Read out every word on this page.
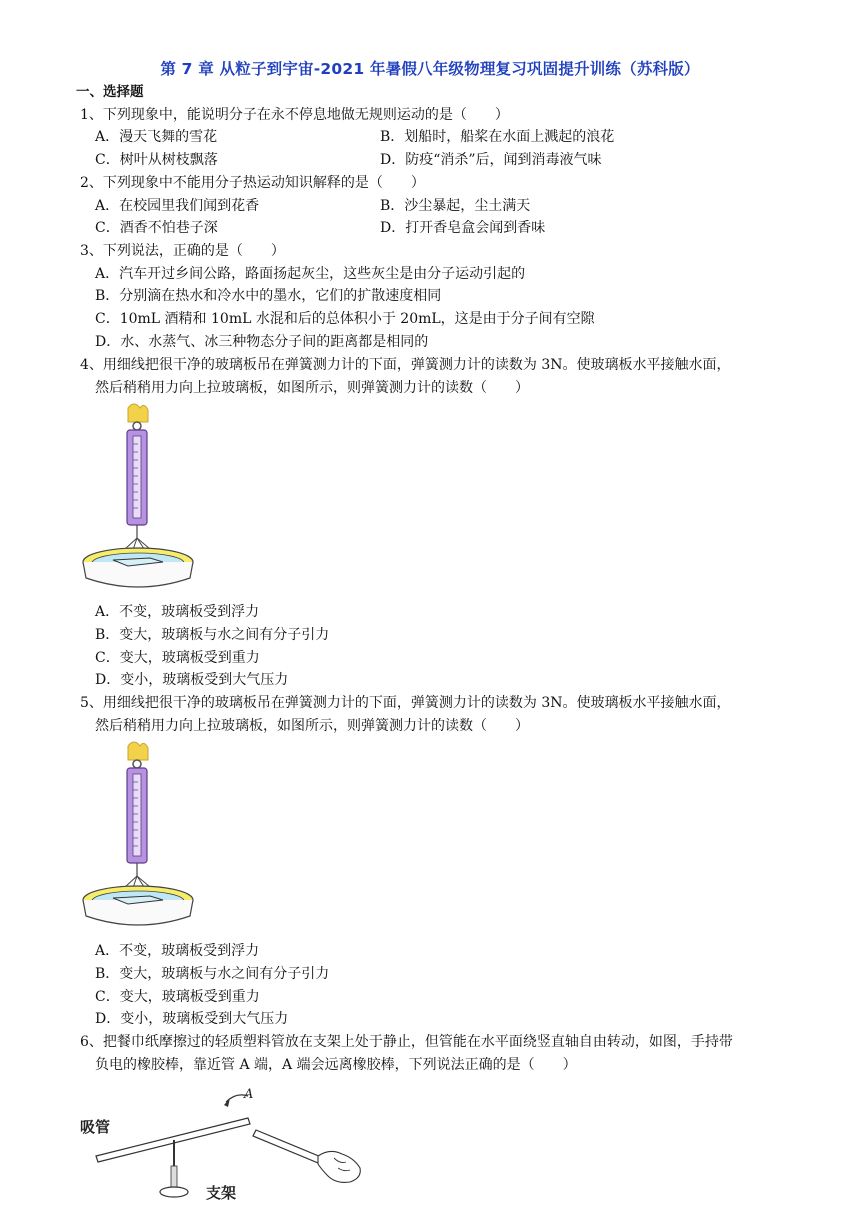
第 7 章 从粒子到宇宙-2021 年暑假八年级物理复习巩固提升训练（苏科版）
一、选择题
1、下列现象中，能说明分子在永不停息地做无规则运动的是（　　）
A．漫天飞舞的雪花	B．划船时，船桨在水面上溅起的浪花
C．树叶从树枝飘落	D．防疫“消杀”后，闻到消毒液气味
2、下列现象中不能用分子热运动知识解释的是（　　）
A．在校园里我们闻到花香	B．沙尘暴起，尘土满天
C．酒香不怕巷子深	D．打开香皂盒会闻到香味
3、下列说法，正确的是（　　）
A．汽车开过乡间公路，路面扬起灰尘，这些灰尘是由分子运动引起的
B．分别滴在热水和冷水中的墨水，它们的扩散速度相同
C．10mL 酒精和 10mL 水混和后的总体积小于 20mL，这是由于分子间有空隙
D．水、水蒸气、冰三种物态分子间的距离都是相同的
4、用细线把很干净的玻璃板吊在弹簧测力计的下面，弹簧测力计的读数为 3N。使玻璃板水平接触水面，
然后稍稍用力向上拉玻璃板，如图所示，则弹簧测力计的读数（　　）
A．不变，玻璃板受到浮力
B．变大，玻璃板与水之间有分子引力
C．变大，玻璃板受到重力
D．变小，玻璃板受到大气压力
5、用细线把很干净的玻璃板吊在弹簧测力计的下面，弹簧测力计的读数为 3N。使玻璃板水平接触水面，
然后稍稍用力向上拉玻璃板，如图所示，则弹簧测力计的读数（　　）
A．不变，玻璃板受到浮力
B．变大，玻璃板与水之间有分子引力
C．变大，玻璃板受到重力
D．变小，玻璃板受到大气压力
6、把餐巾纸摩擦过的轻质塑料管放在支架上处于静止，但管能在水平面绕竖直轴自由转动，如图，手持带
负电的橡胶棒，靠近管 A 端，A 端会远离橡胶棒，下列说法正确的是（　　）
A
吸管
支架
